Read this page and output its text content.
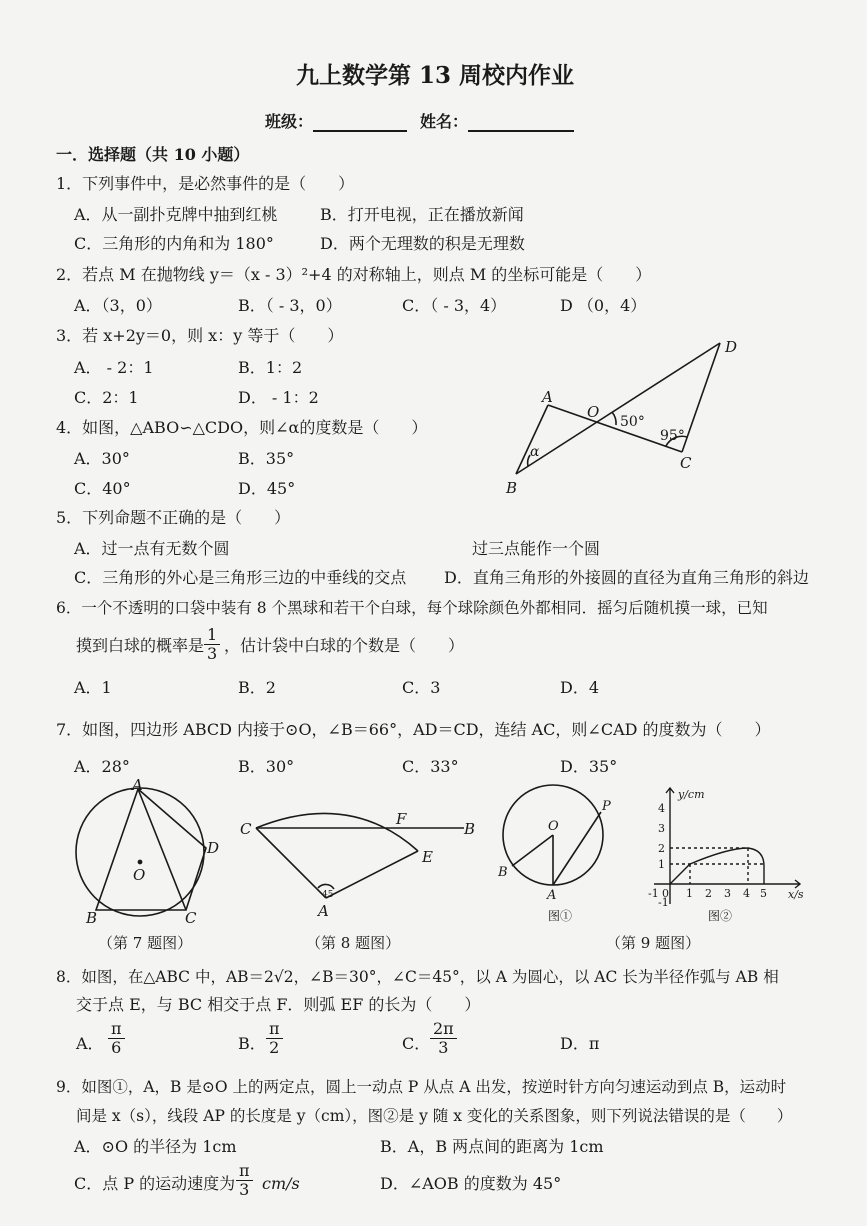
九上数学第 13 周校内作业
班级：	姓名：
一．选择题（共 10 小题）
1．下列事件中，是必然事件的是（　　）
A．从一副扑克牌中抽到红桃	B．打开电视，正在播放新闻
C．三角形的内角和为 180°	D．两个无理数的积是无理数
2．若点 M 在抛物线 y＝（x - 3）²+4 的对称轴上，则点 M 的坐标可能是（　　）
A．（3，0）	B．（ - 3，0）	C．（ - 3，4）	D （0，4）
3．若 x+2y＝0，则 x：y 等于（　　）
A． - 2：1	B．1：2
C．2：1	D． - 1：2
4．如图，△ABO∽△CDO，则∠α的度数是（　　）
A．30°	B．35°
C．40°	D．45°
A
B
C
D
O
50°
95°
α
5．下列命题不正确的是（　　）
A．过一点有无数个圆	过三点能作一个圆
C．三角形的外心是三角形三边的中垂线的交点 D．直角三角形的外接圆的直径为直角三角形的斜边
6．一个不透明的口袋中装有 8 个黑球和若干个白球，每个球除颜色外都相同．摇匀后随机摸一球，已知
摸到白球的概率是 $\frac{1}{3}$ ，估计袋中白球的个数是（　　）
A．1	B．2	C．3	D．4
7．如图，四边形 ABCD 内接于⊙O，∠B＝66°，AD＝CD，连结 AC，则∠CAD 的度数为（　　）
A．28°	B．30°	C．33°	D．35°
A
B	C
D
O
C	B
F
E
A
45
O
A
B
P
图①
y/cm
x/s
4
3
2
1
-1
-1 0 1 2 3 4 5
图②
（第 7 题图）	（第 8 题图）	（第 9 题图）
8．如图，在△ABC 中，AB＝2√2，∠B＝30°，∠C＝45°，以 A 为圆心，以 AC 长为半径作弧与 AB 相
交于点 E，与 BC 相交于点 F．则弧 EF 的长为（　　）
A． $\frac{\pi}{6}$	B． $\frac{\pi}{2}$	C． $\frac{2\pi}{3}$	D．π
9．如图①，A，B 是⊙O 上的两定点，圆上一动点 P 从点 A 出发，按逆时针方向匀速运动到点 B，运动时
间是 x（s），线段 AP 的长度是 y（cm），图②是 y 随 x 变化的关系图象，则下列说法错误的是（　　）
A．⊙O 的半径为 1cm	B．A，B 两点间的距离为 1cm
C．点 P 的运动速度为 $\frac{\pi}{3} cm/s$	D．∠AOB 的度数为 45°
